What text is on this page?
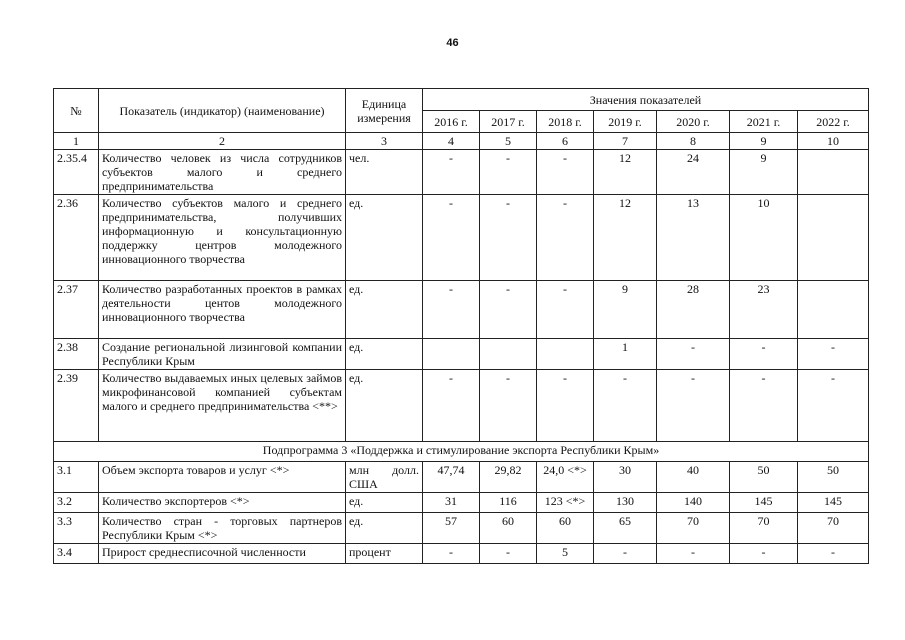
46
№	Показатель (индикатор) (наименование)	Единица измерения	Значения показателей						
			2016 г.	2017 г.	2018 г.	2019 г.	2020 г.	2021 г.	2022 г.
1	2	3	4	5	6	7	8	9	10
2.35.4	Количество человек из числа сотрудников субъектов малого и среднего предпринимательства	чел.	-	-	-	12	24	9	
2.36	Количество субъектов малого и среднего предпринимательства, получивших информационную и консультационную поддержку центров молодежного инновационного творчества	ед.	-	-	-	12	13	10	
2.37	Количество разработанных проектов в рамках деятельности центов молодежного инновационного творчества	ед.	-	-	-	9	28	23	
2.38	Создание региональной лизинговой компании Республики Крым	ед.				1	-	-	-
2.39	Количество выдаваемых иных целевых займов микрофинансовой компанией субъектам малого и среднего предпринимательства <**>	ед.	-	-	-	-	-	-	-
Подпрограмма 3 «Поддержка и стимулирование экспорта Республики Крым»									
3.1	Объем экспорта товаров и услуг <*>	млн долл. США	47,74	29,82	24,0 <*>	30	40	50	50
3.2	Количество экспортеров <*>	ед.	31	116	123 <*>	130	140	145	145
3.3	Количество стран - торговых партнеров Республики Крым <*>	ед.	57	60	60	65	70	70	70
3.4	Прирост среднесписочной численности	процент	-	-	5	-	-	-	-
